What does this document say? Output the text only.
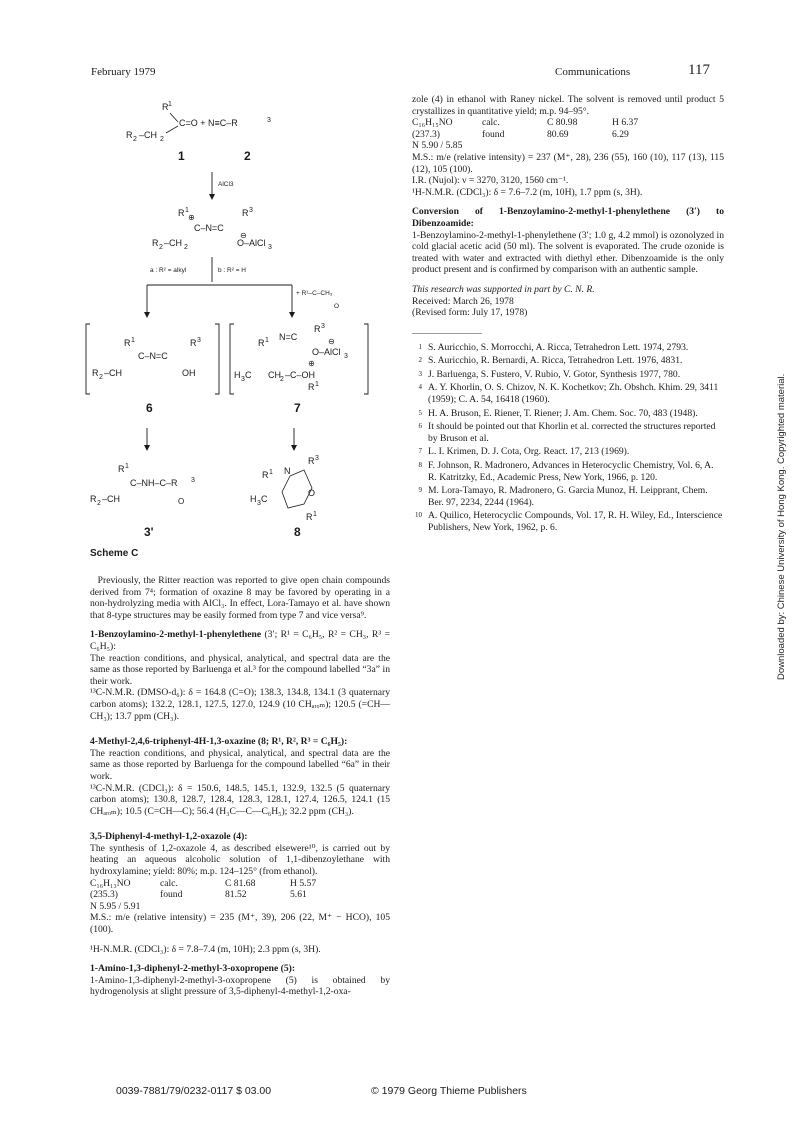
February 1979	Communications	117
1
R
C=O + N≡C–R	3
R 2 –CH 2
1	2
AlCl3
R 1
⊕
C–N=C
R 3
R 2 –CH 2	O–AlCl 3
⊖
a : R² = alkyl	b : R² = H
+ R¹–C–CH₃
O
R 1	R 3
C–N=C
R 2 –CH	OH
6
R 1 N=C
R 3
⊖
O–AlCl 3
⊕
H 3 C CH 2 –C–OH
R 1
7
R 1
C–NH–C–R 3
R 2 –CH	O
3'
R 1 N
R 3
O
H 3 C
R 1
8
Scheme C

Previously, the Ritter reaction was reported to give open chain compounds derived from 7⁴; formation of oxazine 8 may be favored by operating in a non-hydrolyzing media with AlCl₃. In effect, Lora-Tamayo et al. have shown that 8-type structures may be easily formed from type 7 and vice versa⁹.

1-Benzoylamino-2-methyl-1-phenylethene (3′; R¹ = C₆H₅, R² = CH₃, R³ = C₆H₅):

The reaction conditions, and physical, analytical, and spectral data are the same as those reported by Barluenga et al.³ for the compound labelled “3a” in their work.

¹³C-N.M.R. (DMSO-d₆): δ = 164.8 (C=O); 138.3, 134.8, 134.1 (3 quaternary carbon atoms); 132.2, 128.1, 127.5, 127.0, 124.9 (10 CHₐᵣₒₘ); 120.5 (=CH—CH₃); 13.7 ppm (CH₃).

4-Methyl-2,4,6-triphenyl-4H-1,3-oxazine (8; R¹, R², R³ = C₆H₅):

The reaction conditions, and physical, analytical, and spectral data are the same as those reported by Barluenga for the compound labelled “6a” in their work.

¹³C-N.M.R. (CDCl₃): δ = 150.6, 148.5, 145.1, 132.9, 132.5 (5 quaternary carbon atoms); 130.8, 128.7, 128.4, 128.3, 128.1, 127.4, 126.5, 124.1 (15 CHₐᵣₒₘ); 10.5 (C=CH—C); 56.4 (H₃C—C—C₆H₅); 32.2 ppm (CH₃).

3,5-Diphenyl-4-methyl-1,2-oxazole (4):

The synthesis of 1,2-oxazole 4, as described elsewere¹⁰, is carried out by heating an aqueous alcoholic solution of 1,1-dibenzoylethane with hydroxylamine; yield: 80%; m.p. 124–125° (from ethanol).

C₁₆H₁₃NO	calc.	C 81.68	H 5.57
(235.3)	found	81.52	5.61

N 5.95 / 5.91

M.S.: m/e (relative intensity) = 235 (M⁺, 39), 206 (22, M⁺ − HCO), 105 (100).

¹H-N.M.R. (CDCl₃): δ = 7.8–7.4 (m, 10H); 2.3 ppm (s, 3H).

1-Amino-1,3-diphenyl-2-methyl-3-oxopropene (5):

1-Amino-1,3-diphenyl-2-methyl-3-oxopropene (5) is obtained by hydrogenolysis at slight pressure of 3,5-diphenyl-4-methyl-1,2-oxa-

zole (4) in ethanol with Raney nickel. The solvent is removed until product 5 crystallizes in quantitative yield; m.p. 94–95°.

C₁₆H₁₅NO	calc.	C 80.98	H 6.37
(237.3)	found	80.69	6.29

N 5.90 / 5.85

M.S.: m/e (relative intensity) = 237 (M⁺, 28), 236 (55), 160 (10), 117 (13), 115 (12), 105 (100).

I.R. (Nujol): ν = 3270, 3120, 1560 cm⁻¹.

¹H-N.M.R. (CDCl₃): δ = 7.6–7.2 (m, 10H), 1.7 ppm (s, 3H).

Conversion of 1-Benzoylamino-2-methyl-1-phenylethene (3′) to Dibenzoamide:

1-Benzoylamino-2-methyl-1-phenylethene (3′; 1.0 g, 4.2 mmol) is ozonolyzed in cold glacial acetic acid (50 ml). The solvent is evaporated. The crude ozonide is treated with water and extracted with diethyl ether. Dibenzoamide is the only product present and is confirmed by comparison with an authentic sample.

This research was supported in part by C. N. R.

Received: March 26, 1978

(Revised form: July 17, 1978)

1 S. Auricchio, S. Morrocchi, A. Ricca, Tetrahedron Lett. 1974, 2793.
2 S. Auricchio, R. Bernardi, A. Ricca, Tetrahedron Lett. 1976, 4831.
3 J. Barluenga, S. Fustero, V. Rubio, V. Gotor, Synthesis 1977, 780.
4 A. Y. Khorlin, O. S. Chizov, N. K. Kochetkov; Zh. Obshch. Khim. 29, 3411 (1959); C. A. 54, 16418 (1960).
5 H. A. Bruson, E. Riener, T. Riener; J. Am. Chem. Soc. 70, 483 (1948).
6 It should be pointed out that Khorlin et al. corrected the structures reported by Bruson et al.
7 L. I. Krimen, D. J. Cota, Org. React. 17, 213 (1969).
8 F. Johnson, R. Madronero, Advances in Heterocyclic Chemistry, Vol. 6, A. R. Katritzky, Ed., Academic Press, New York, 1966, p. 120.
9 M. Lora-Tamayo, R. Madronero, G. Garcia Munoz, H. Leipprant, Chem. Ber. 97, 2234, 2244 (1964).
10 A. Quilico, Heterocyclic Compounds, Vol. 17, R. H. Wiley, Ed., Interscience Publishers, New York, 1962, p. 6.
0039-7881/79/0232-0117 $ 03.00	© 1979 Georg Thieme Publishers
Downloaded by: Chinese University of Hong Kong. Copyrighted material.
